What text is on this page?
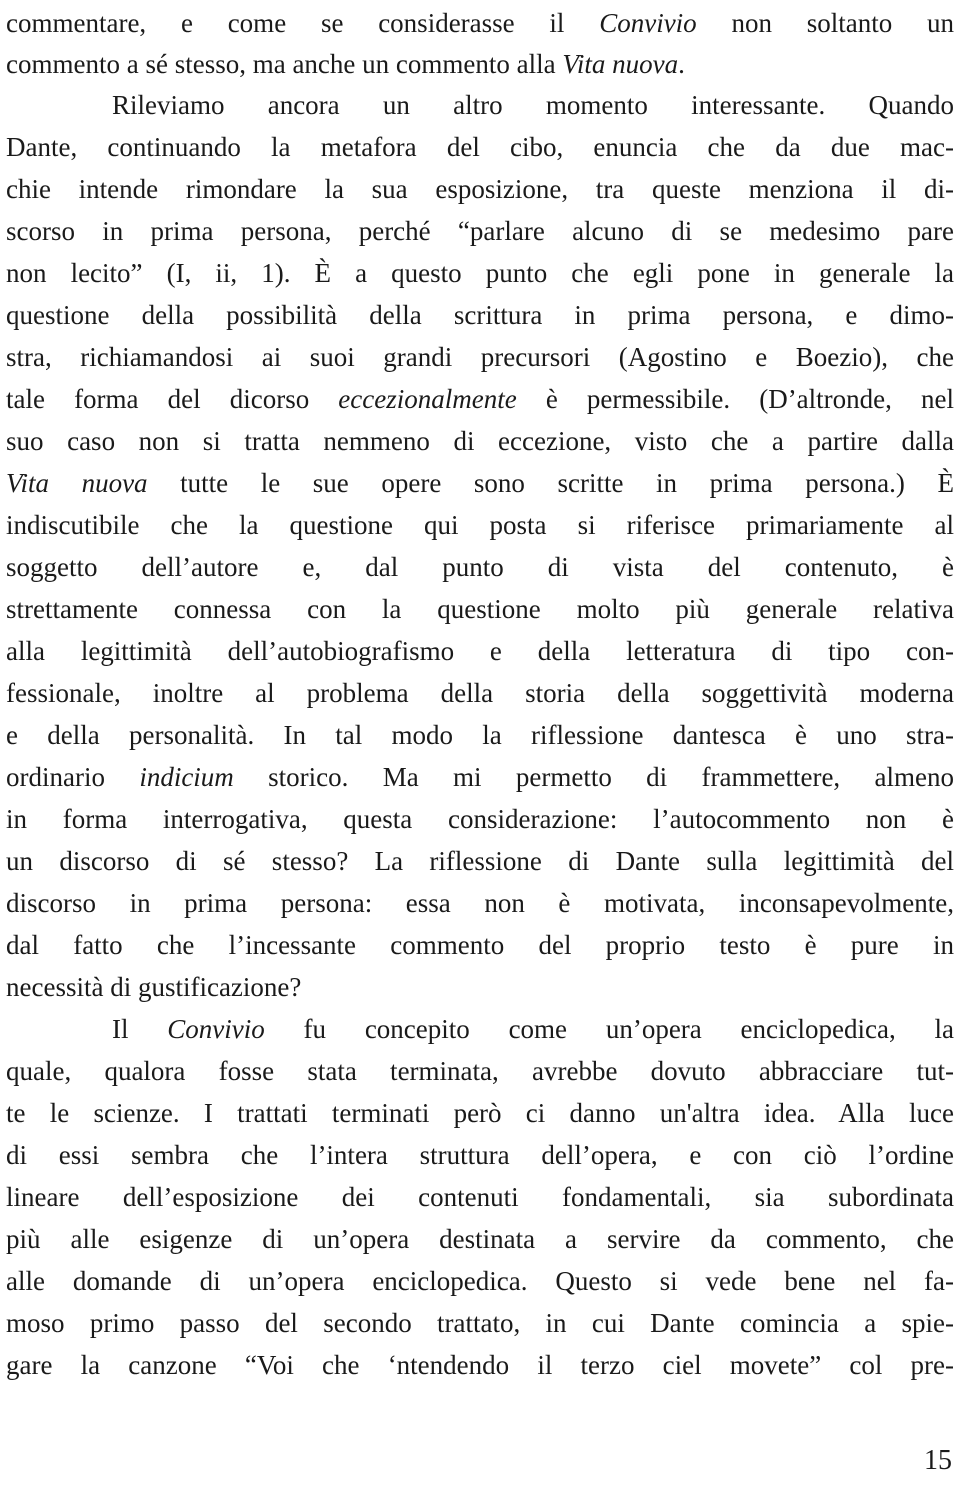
commentare, e come se considerasse il Convivio non soltanto un
commento a sé stesso, ma anche un commento alla Vita nuova.
Rileviamo ancora un altro momento interessante. Quando
Dante, continuando la metafora del cibo, enuncia che da due mac-
chie intende rimondare la sua esposizione, tra queste menziona il di-
scorso in prima persona, perché “parlare alcuno di se medesimo pare
non lecito” (I, ii, 1). È a questo punto che egli pone in generale la
questione della possibilità della scrittura in prima persona, e dimo-
stra, richiamandosi ai suoi grandi precursori (Agostino e Boezio), che
tale forma del dicorso eccezionalmente è permessibile. (D’altronde, nel
suo caso non si tratta nemmeno di eccezione, visto che a partire dalla
Vita nuova tutte le sue opere sono scritte in prima persona.) È
indiscutibile che la questione qui posta si riferisce primariamente al
soggetto dell’autore e, dal punto di vista del contenuto, è
strettamente connessa con la questione molto più generale relativa
alla legittimità dell’autobiografismo e della letteratura di tipo con-
fessionale, inoltre al problema della storia della soggettività moderna
e della personalità. In tal modo la riflessione dantesca è uno stra-
ordinario indicium storico. Ma mi permetto di frammettere, almeno
in forma interrogativa, questa considerazione: l’autocommento non è
un discorso di sé stesso? La riflessione di Dante sulla legittimità del
discorso in prima persona: essa non è motivata, inconsapevolmente,
dal fatto che l’incessante commento del proprio testo è pure in
necessità di gustificazione?
Il Convivio fu concepito come un’opera enciclopedica, la
quale, qualora fosse stata terminata, avrebbe dovuto abbracciare tut-
te le scienze. I trattati terminati però ci danno un'altra idea. Alla luce
di essi sembra che l’intera struttura dell’opera, e con ciò l’ordine
lineare dell’esposizione dei contenuti fondamentali, sia subordinata
più alle esigenze di un’opera destinata a servire da commento, che
alle domande di un’opera enciclopedica. Questo si vede bene nel fa-
moso primo passo del secondo trattato, in cui Dante comincia a spie-
gare la canzone “Voi che ‘ntendendo il terzo ciel movete” col pre-
15
